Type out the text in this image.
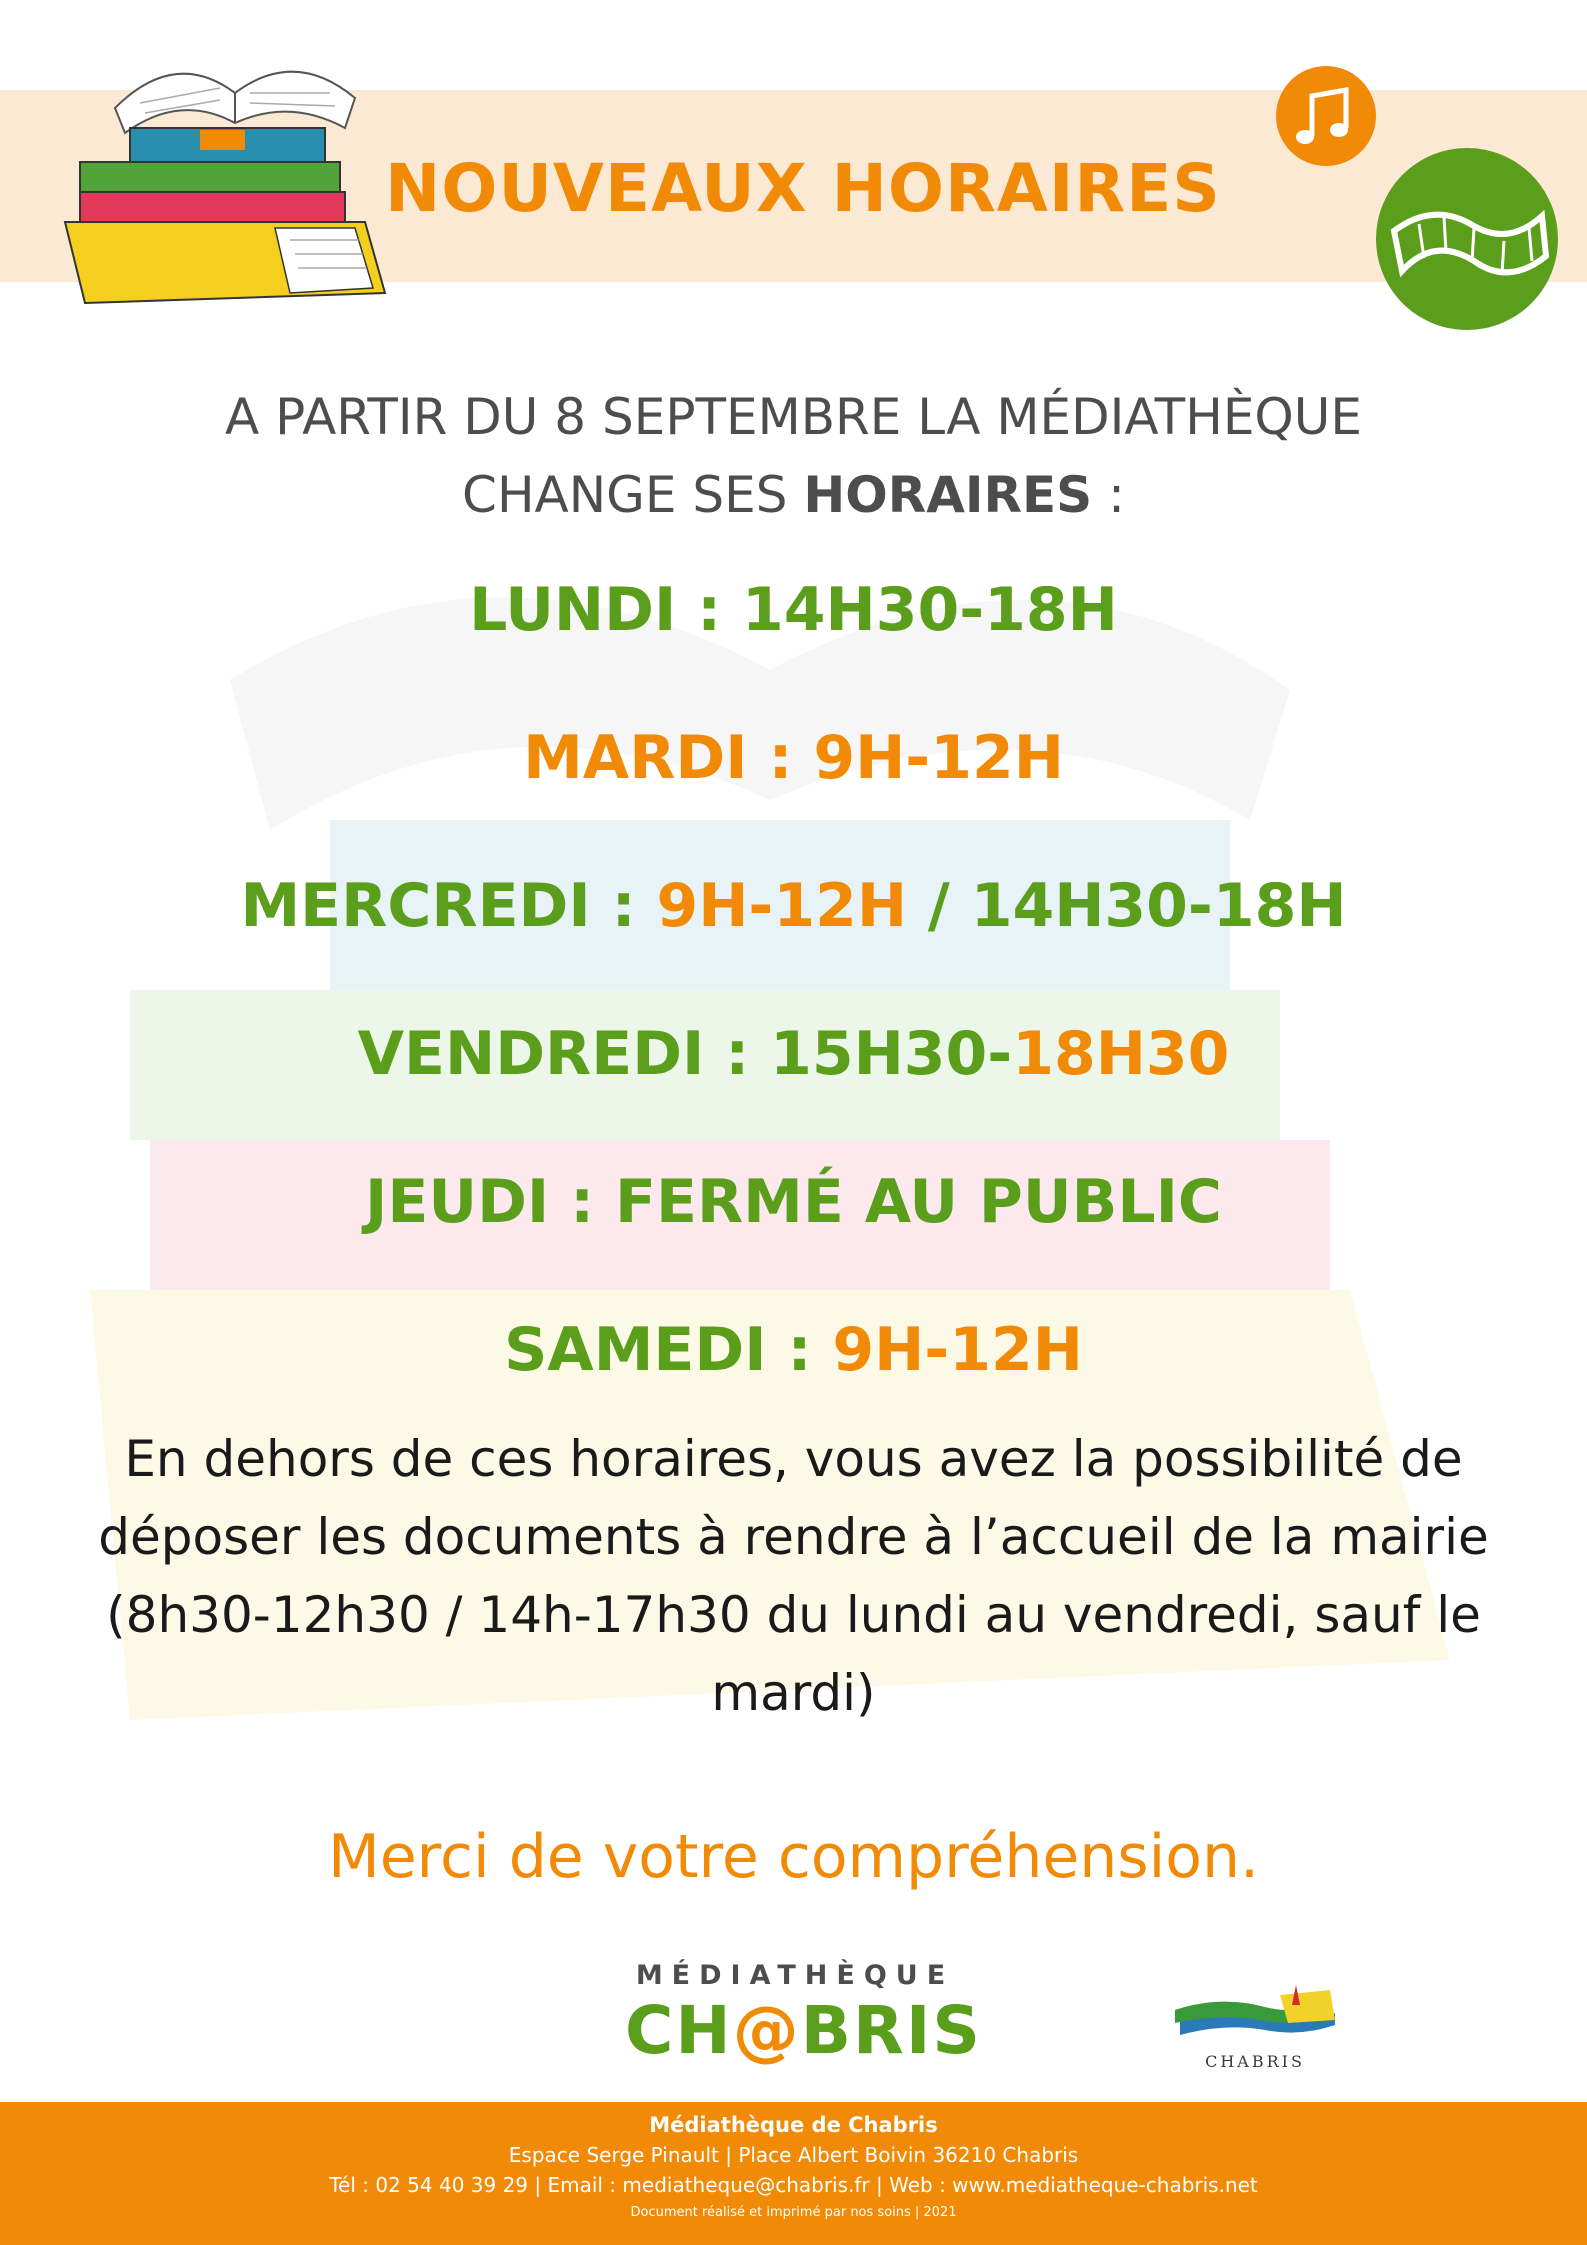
NOUVEAUX HORAIRES
A PARTIR DU 8 SEPTEMBRE LA MÉDIATHÈQUE
CHANGE SES HORAIRES :
LUNDI : 14H30-18H
MARDI : 9H-12H
MERCREDI : 9H-12H / 14H30-18H
VENDREDI : 15H30-18H30
JEUDI : FERMÉ AU PUBLIC
SAMEDI : 9H-12H
En dehors de ces horaires, vous avez la possibilité de déposer les documents à rendre à l’accueil de la mairie (8h30-12h30 / 14h-17h30 du lundi au vendredi, sauf le mardi)
Merci de votre compréhension.
MÉDIATHÈQUE
CH@BRIS	CHABRIS
Médiathèque de Chabris
Espace Serge Pinault | Place Albert Boivin 36210 Chabris
Tél : 02 54 40 39 29 | Email : mediatheque@chabris.fr | Web : www.mediatheque-chabris.net
Document réalisé et imprimé par nos soins | 2021
